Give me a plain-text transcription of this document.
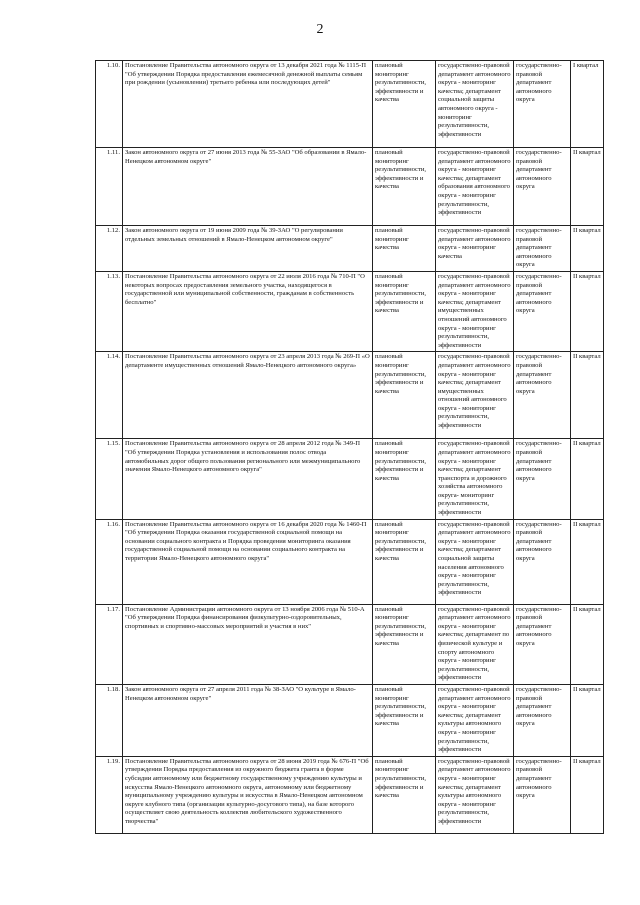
2
1.10.	Постановление Правительства автономного округа от 13 декабря 2021 года № 1115-П "Об утверждении Порядка предоставления ежемесячной денежной выплаты семьям при рождении (усыновлении) третьего ребенка или последующих детей"	плановый мониторинг результативности, эффективности и качества	государственно-правовой департамент автономного округа - мониторинг качества; департамент социальной защиты автономного округа - мониторинг результативности, эффективности	государственно-правовой департамент автономного округа	I квартал
1.11.	Закон автономного округа от 27 июня 2013 года № 55-ЗАО "Об образовании в Ямало-Ненецком автономном округе"	плановый мониторинг результативности, эффективности и качества	государственно-правовой департамент автономного округа - мониторинг качества; департамент образования автономного округа - мониторинг результативности, эффективности	государственно-правовой департамент автономного округа	II квартал
1.12.	Закон автономного округа от 19 июня 2009 года № 39-ЗАО "О регулировании отдельных земельных отношений в Ямало-Ненецком автономном округе"	плановый мониторинг качества	государственно-правовой департамент автономного округа - мониторинг качества	государственно-правовой департамент автономного округа	II квартал
1.13.	Постановление Правительства автономного округа от 22 июля 2016 года № 710-П "О некоторых вопросах предоставления земельного участка, находящегося в государственной или муниципальной собственности, гражданам в собственность бесплатно"	плановый мониторинг результативности, эффективности и качества	государственно-правовой департамент автономного округа - мониторинг качества; департамент имущественных отношений автономного округа - мониторинг результативности, эффективности	государственно-правовой департамент автономного округа	II квартал
1.14.	Постановление Правительства автономного округа от 23 апреля 2013 года № 269-П «О департаменте имущественных отношений Ямало-Ненецкого автономного округа»	плановый мониторинг результативности, эффективности и качества	государственно-правовой департамент автономного округа - мониторинг качества; департамент имущественных отношений автономного округа - мониторинг результативности, эффективности	государственно-правовой департамент автономного округа	II квартал
1.15.	Постановление Правительства автономного округа от 28 апреля 2012 года № 349-П "Об утверждении Порядка установления и использования полос отвода автомобильных дорог общего пользования регионального или межмуниципального значения Ямало-Ненецкого автономного округа"	плановый мониторинг результативности, эффективности и качества	государственно-правовой департамент автономного округа - мониторинг качества; департамент транспорта и дорожного хозяйства автономного округа- мониторинг результативности, эффективности	государственно-правовой департамент автономного округа	II квартал
1.16.	Постановление Правительства автономного округа от 16 декабря 2020 года № 1460-П "Об утверждении Порядка оказания государственной социальной помощи на основании социального контракта и Порядка проведения мониторинга оказания государственной социальной помощи на основании социального контракта на территории Ямало-Ненецкого автономного округа"	плановый мониторинг результативности, эффективности и качества	государственно-правовой департамент автономного округа - мониторинг качества; департамент социальной защиты населения автономного округа - мониторинг результативности, эффективности	государственно-правовой департамент автономного округа	II квартал
1.17.	Постановление Администрации автономного округа от 13 ноября 2006 года № 510-А "Об утверждении Порядка финансирования физкультурно-оздоровительных, спортивных и спортивно-массовых мероприятий и участия в них"	плановый мониторинг результативности, эффективности и качества	государственно-правовой департамент автономного округа - мониторинг качества; департамент по физической культуре и спорту автономного округа - мониторинг результативности, эффективности	государственно-правовой департамент автономного округа	II квартал
1.18.	Закон автономного округа от 27 апреля 2011 года № 38-ЗАО "О культуре в Ямало-Ненецком автономном округе"	плановый мониторинг результативности, эффективности и качества	государственно-правовой департамент автономного округа - мониторинг качества; департамент культуры автономного округа - мониторинг результативности, эффективности	государственно-правовой департамент автономного округа	II квартал
1.19.	Постановление Правительства автономного округа от 28 июня 2019 года № 676-П "Об утверждении Порядка предоставления из окружного бюджета гранта в форме субсидии автономному или бюджетному государственному учреждению культуры и искусства Ямало-Ненецкого автономного округа, автономному или бюджетному муниципальному учреждению культуры и искусства в Ямало-Ненецком автономном округе клубного типа (организации культурно-досугового типа), на базе которого осуществляет свою деятельность коллектив любительского художественного творчества"	плановый мониторинг результативности, эффективности и качества	государственно-правовой департамент автономного округа - мониторинг качества; департамент культуры автономного округа - мониторинг результативности, эффективности	государственно-правовой департамент автономного округа	II квартал
